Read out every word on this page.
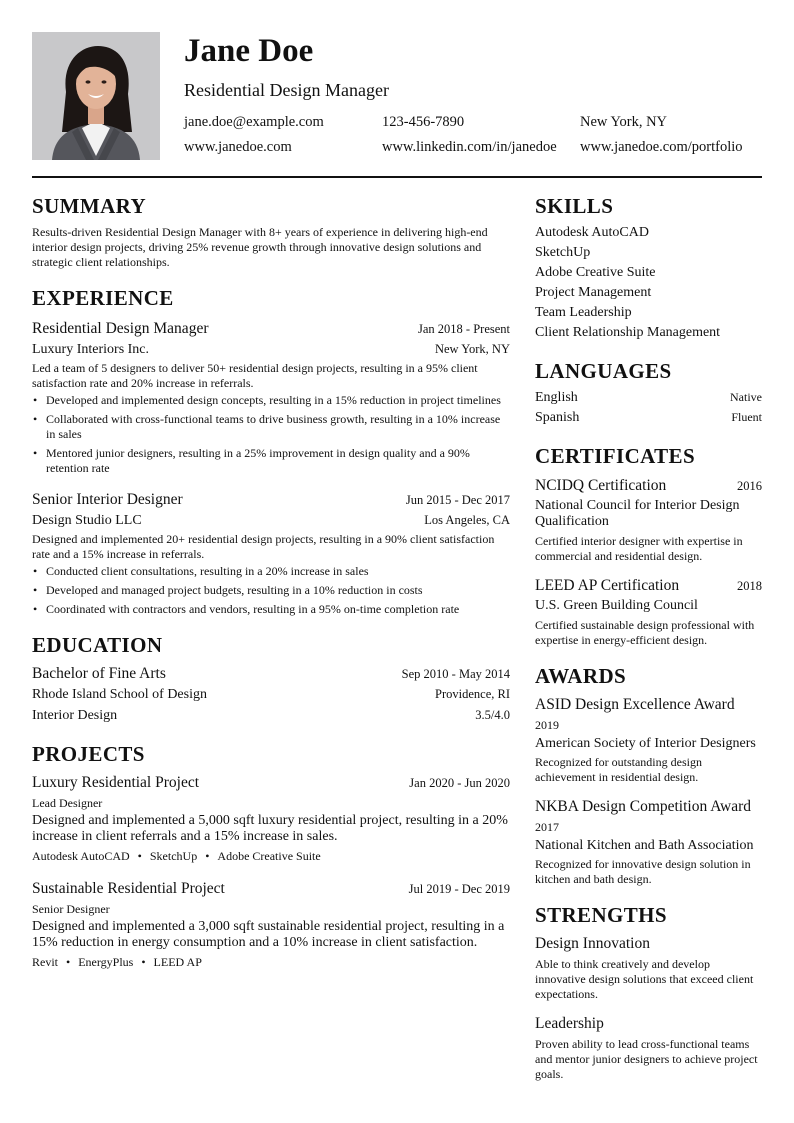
Jane Doe
Residential Design Manager
jane.doe@example.com	123-456-7890	New York, NY
www.janedoe.com	www.linkedin.com/in/janedoe	www.janedoe.com/portfolio
SUMMARY
Results-driven Residential Design Manager with 8+ years of experience in delivering high-end interior design projects, driving 25% revenue growth through innovative design solutions and strategic client relationships.
EXPERIENCE
Residential Design Manager	Jan 2018 - Present
Luxury Interiors Inc.	New York, NY
Led a team of 5 designers to deliver 50+ residential design projects, resulting in a 95% client satisfaction rate and 20% increase in referrals.
• Developed and implemented design concepts, resulting in a 15% reduction in project timelines
• Collaborated with cross-functional teams to drive business growth, resulting in a 10% increase in sales
• Mentored junior designers, resulting in a 25% improvement in design quality and a 90% retention rate
Senior Interior Designer	Jun 2015 - Dec 2017
Design Studio LLC	Los Angeles, CA
Designed and implemented 20+ residential design projects, resulting in a 90% client satisfaction rate and a 15% increase in referrals.
• Conducted client consultations, resulting in a 20% increase in sales
• Developed and managed project budgets, resulting in a 10% reduction in costs
• Coordinated with contractors and vendors, resulting in a 95% on-time completion rate
EDUCATION
Bachelor of Fine Arts	Sep 2010 - May 2014
Rhode Island School of Design	Providence, RI
Interior Design	3.5/4.0
PROJECTS
Luxury Residential Project	Jan 2020 - Jun 2020
Lead Designer
Designed and implemented a 5,000 sqft luxury residential project, resulting in a 20% increase in client referrals and a 15% increase in sales.
Autodesk AutoCAD • SketchUp • Adobe Creative Suite
Sustainable Residential Project	Jul 2019 - Dec 2019
Senior Designer
Designed and implemented a 3,000 sqft sustainable residential project, resulting in a 15% reduction in energy consumption and a 10% increase in client satisfaction.
Revit • EnergyPlus • LEED AP
SKILLS
Autodesk AutoCAD
SketchUp
Adobe Creative Suite
Project Management
Team Leadership
Client Relationship Management
LANGUAGES
English	Native
Spanish	Fluent
CERTIFICATES
NCIDQ Certification	2016
National Council for Interior Design Qualification
Certified interior designer with expertise in commercial and residential design.
LEED AP Certification	2018
U.S. Green Building Council
Certified sustainable design professional with expertise in energy-efficient design.
AWARDS
ASID Design Excellence Award
2019
American Society of Interior Designers
Recognized for outstanding design achievement in residential design.
NKBA Design Competition Award
2017
National Kitchen and Bath Association
Recognized for innovative design solution in kitchen and bath design.
STRENGTHS
Design Innovation
Able to think creatively and develop innovative design solutions that exceed client expectations.
Leadership
Proven ability to lead cross-functional teams and mentor junior designers to achieve project goals.
